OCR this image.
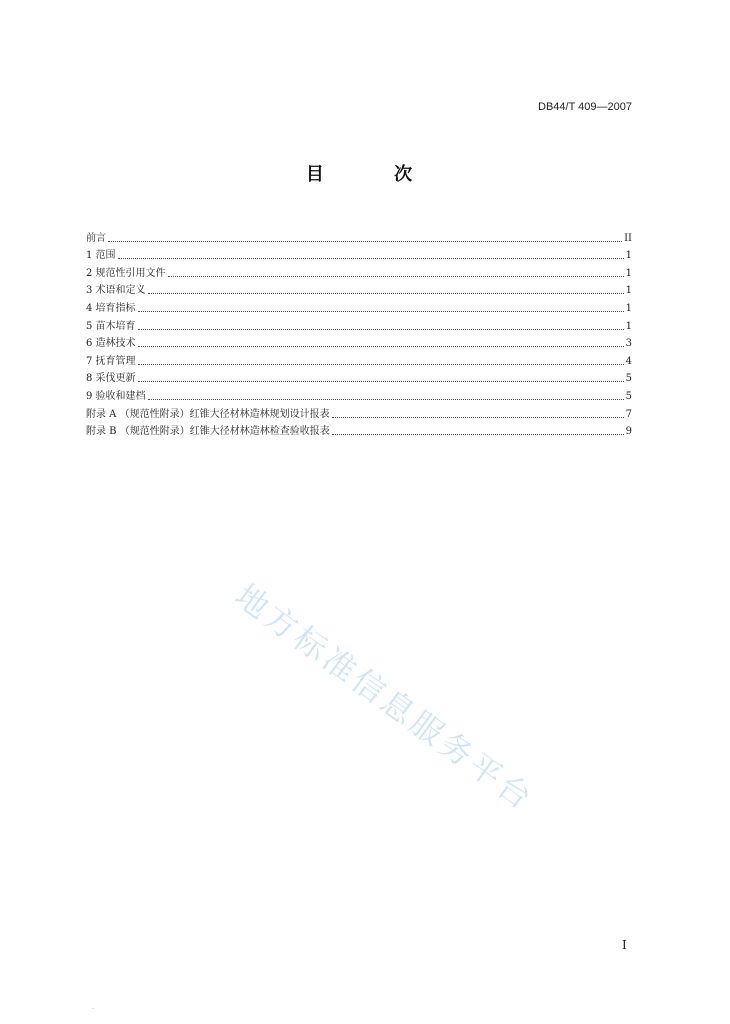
DB44/T 409—2007
目 次
前言	II
1 范围	1
2 规范性引用文件	1
3 术语和定义	1
4 培育指标	1
5 苗木培育	1
6 造林技术	3
7 抚育管理	4
8 采伐更新	5
9 验收和建档	5
附录 A （规范性附录）红锥大径材林造林规划设计报表	7
附录 B （规范性附录）红锥大径材林造林检查验收报表	9
地方标准信息服务平台
I
.
